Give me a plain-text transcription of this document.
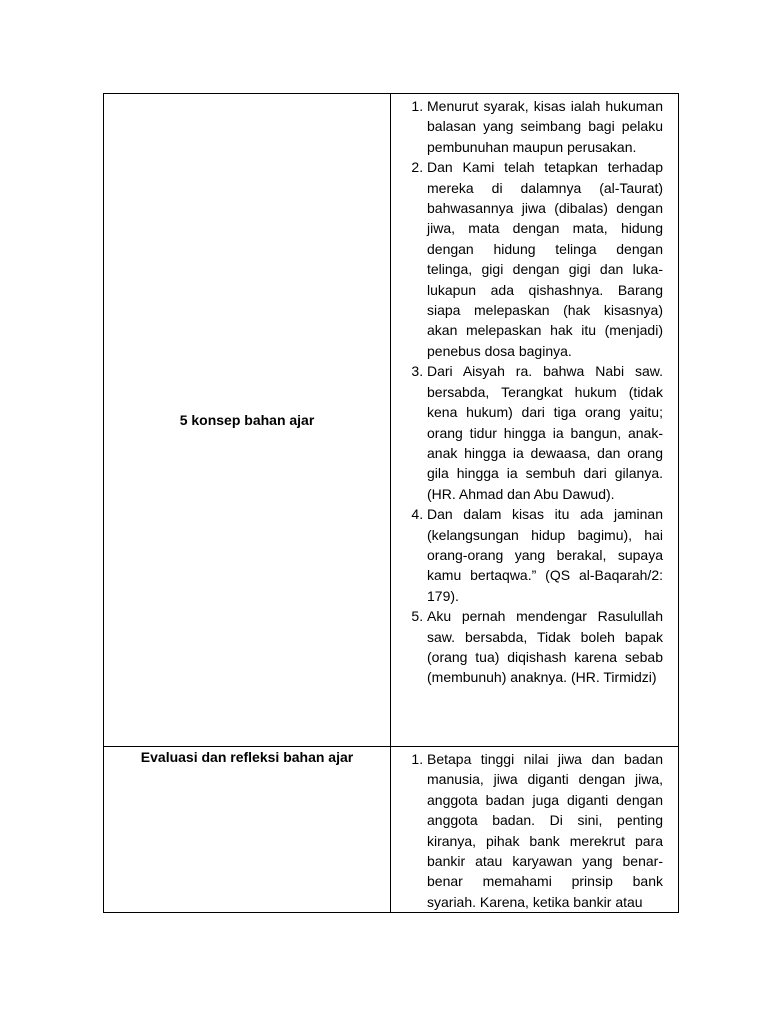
5 konsep bahan ajar
1. Menurut syarak, kisas ialah hukuman balasan yang seimbang bagi pelaku pembunuhan maupun perusakan.
2. Dan Kami telah tetapkan terhadap mereka di dalamnya (al-Taurat) bahwasannya jiwa (dibalas) dengan jiwa, mata dengan mata, hidung dengan hidung telinga dengan telinga, gigi dengan gigi dan luka-lukapun ada qishashnya. Barang siapa melepaskan (hak kisasnya) akan melepaskan hak itu (menjadi) penebus dosa baginya.
3. Dari Aisyah ra. bahwa Nabi saw. bersabda, Terangkat hukum (tidak kena hukum) dari tiga orang yaitu; orang tidur hingga ia bangun, anak-anak hingga ia dewaasa, dan orang gila hingga ia sembuh dari gilanya. (HR. Ahmad dan Abu Dawud).
4. Dan dalam kisas itu ada jaminan (kelangsungan hidup bagimu), hai orang-orang yang berakal, supaya kamu bertaqwa.” (QS al-Baqarah/2: 179).
5. Aku pernah mendengar Rasulullah saw. bersabda, Tidak boleh bapak (orang tua) diqishash karena sebab (membunuh) anaknya. (HR. Tirmidzi)
Evaluasi dan refleksi bahan ajar
1.	Betapa tinggi nilai jiwa dan badan manusia, jiwa diganti dengan jiwa, anggota badan juga diganti dengan anggota badan. Di sini, penting kiranya, pihak bank merekrut para bankir atau karyawan yang benar-benar memahami prinsip bank syariah. Karena, ketika bankir atau
